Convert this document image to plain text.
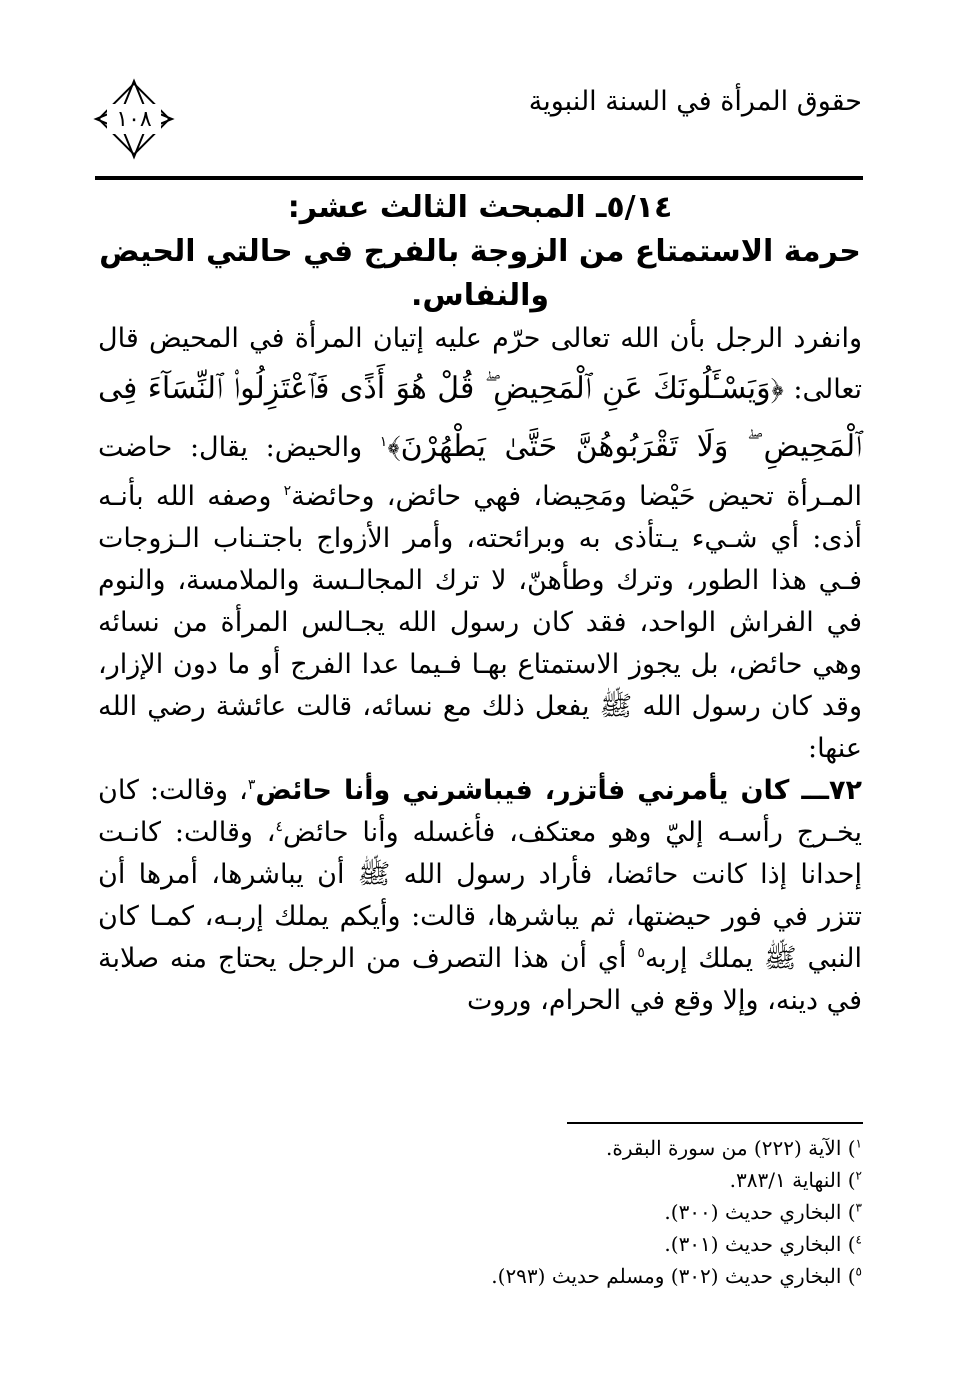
حقوق المرأة في السنة النبوية
١٠٨

٥/١٤ـ المبحث الثالث عشر:

حرمة الاستمتاع من الزوجة بالفرج في حالتي الحيض والنفاس.

وانفرد الرجل بأن الله تعالى حرّم عليه إتيان المرأة في المحيض قال تعالى: ﴿وَيَسْـَٔلُونَكَ عَنِ ٱلْمَحِيضِ ۖ قُلْ هُوَ أَذًى فَٱعْتَزِلُوا۟ ٱلنِّسَآءَ فِى ٱلْمَحِيضِ ۖ وَلَا تَقْرَبُوهُنَّ حَتَّىٰ يَطْهُرْنَ﴾$^١$ والحيض: يقال: حاضت المـرأة تحيض حَيْضا ومَحِيضا، فهي حائض، وحائضة$^٢$ وصفه الله بأنـه أذى: أي شـيء يـتأذى به وبرائحته، وأمر الأزواج باجتـناب الـزوجات فـي هذا الطور، وترك وطأهنّ، لا ترك المجالـسة والملامسة، والنوم في الفراش الواحد، فقد كان رسول الله يجـالس المرأة من نسائه وهي حائض، بل يجوز الاستمتاع بهـا فـيما عدا الفرج أو ما دون الإزار، وقد كان رسول الله ﷺ يفعل ذلك مع نسائه، قالت عائشة رضي الله عنها:

٧٢ـــ كان يأمرني فأتزر، فيباشرني وأنا حائض$^٣$، وقالت: كان يخـرج رأسـه إليّ وهو معتكف، فأغسله وأنا حائض$^٤$، وقالت: كانـت إحدانا إذا كانت حائضا، فأراد رسول الله ﷺ أن يباشرها، أمرها أن تتزر في فور حيضتها، ثم يباشرها، قالت: وأيكم يملك إربـه، كمـا كان النبي ﷺ يملك إربه$^٥$ أي أن هذا التصرف من الرجل يحتاج منه صلابة في دينه، وإلا وقع في الحرام، وروت

$^١$) الآية (٢٢٢) من سورة البقرة.

$^٢$) النهاية ٣٨٣/١.

$^٣$) البخاري حديث (٣٠٠).

$^٤$) البخاري حديث (٣٠١).

$^٥$) البخاري حديث (٣٠٢) ومسلم حديث (٢٩٣).
